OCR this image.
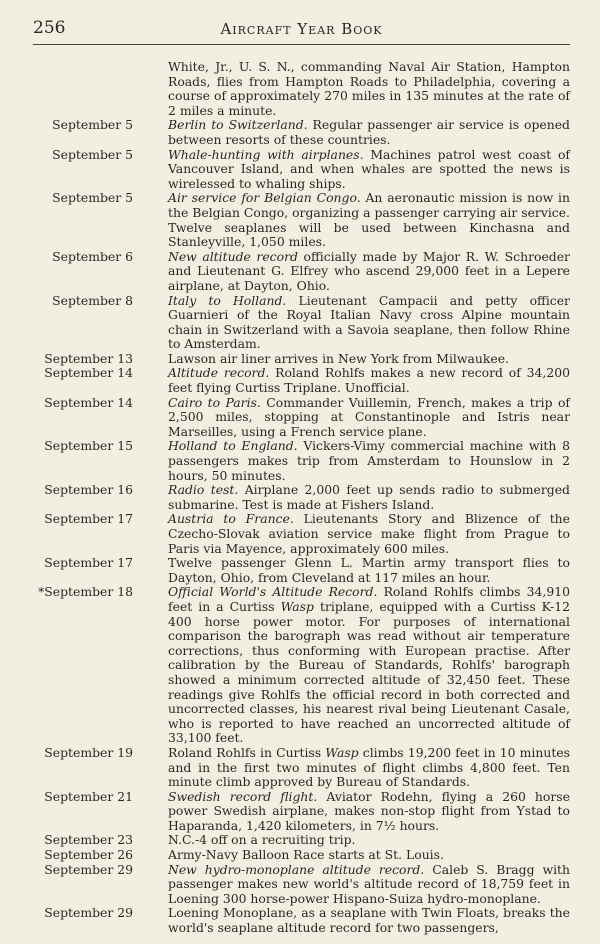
256	Aircraft Year Book
White, Jr., U. S. N., commanding Naval Air Station, Hampton Roads, flies from Hampton Roads to Philadelphia, covering a course of approximately 270 miles in 135 minutes at the rate of 2 miles a minute.
September 5	Berlin to Switzerland. Regular passenger air service is opened between resorts of these countries.
September 5	Whale-hunting with airplanes. Machines patrol west coast of Vancouver Island, and when whales are spotted the news is wirelessed to whaling ships.
September 5	Air service for Belgian Congo. An aeronautic mission is now in the Belgian Congo, organizing a passenger carrying air service. Twelve seaplanes will be used between Kinchasna and Stanleyville, 1,050 miles.
September 6	New altitude record officially made by Major R. W. Schroeder and Lieutenant G. Elfrey who ascend 29,000 feet in a Lepere airplane, at Dayton, Ohio.
September 8	Italy to Holland. Lieutenant Campacii and petty officer Guarnieri of the Royal Italian Navy cross Alpine mountain chain in Switzerland with a Savoia seaplane, then follow Rhine to Amsterdam.
September 13	Lawson air liner arrives in New York from Milwaukee.
September 14	Altitude record. Roland Rohlfs makes a new record of 34,200 feet flying Curtiss Triplane. Unofficial.
September 14	Cairo to Paris. Commander Vuillemin, French, makes a trip of 2,500 miles, stopping at Constantinople and Istris near Marseilles, using a French service plane.
September 15	Holland to England. Vickers-Vimy commercial machine with 8 passengers makes trip from Amsterdam to Hounslow in 2 hours, 50 minutes.
September 16	Radio test. Airplane 2,000 feet up sends radio to submerged submarine. Test is made at Fishers Island.
September 17	Austria to France. Lieutenants Story and Blizence of the Czecho-Slovak aviation service make flight from Prague to Paris via Mayence, approximately 600 miles.
September 17	Twelve passenger Glenn L. Martin army transport flies to Dayton, Ohio, from Cleveland at 117 miles an hour.
*September 18	Official World's Altitude Record. Roland Rohlfs climbs 34,910 feet in a Curtiss Wasp triplane, equipped with a Curtiss K-12 400 horse power motor. For purposes of international comparison the barograph was read without air temperature corrections, thus conforming with European practise. After calibration by the Bureau of Standards, Rohlfs' barograph showed a minimum corrected altitude of 32,450 feet. These readings give Rohlfs the official record in both corrected and uncorrected classes, his nearest rival being Lieutenant Casale, who is reported to have reached an uncorrected altitude of 33,100 feet.
September 19	Roland Rohlfs in Curtiss Wasp climbs 19,200 feet in 10 minutes and in the first two minutes of flight climbs 4,800 feet. Ten minute climb approved by Bureau of Standards.
September 21	Swedish record flight. Aviator Rodehn, flying a 260 horse power Swedish airplane, makes non-stop flight from Ystad to Haparanda, 1,420 kilometers, in 7½ hours.
September 23	N.C.-4 off on a recruiting trip.
September 26	Army-Navy Balloon Race starts at St. Louis.
September 29	New hydro-monoplane altitude record. Caleb S. Bragg with passenger makes new world's altitude record of 18,759 feet in Loening 300 horse-power Hispano-Suiza hydro-monoplane.
September 29	Loening Monoplane, as a seaplane with Twin Floats, breaks the world's seaplane altitude record for two passengers,
